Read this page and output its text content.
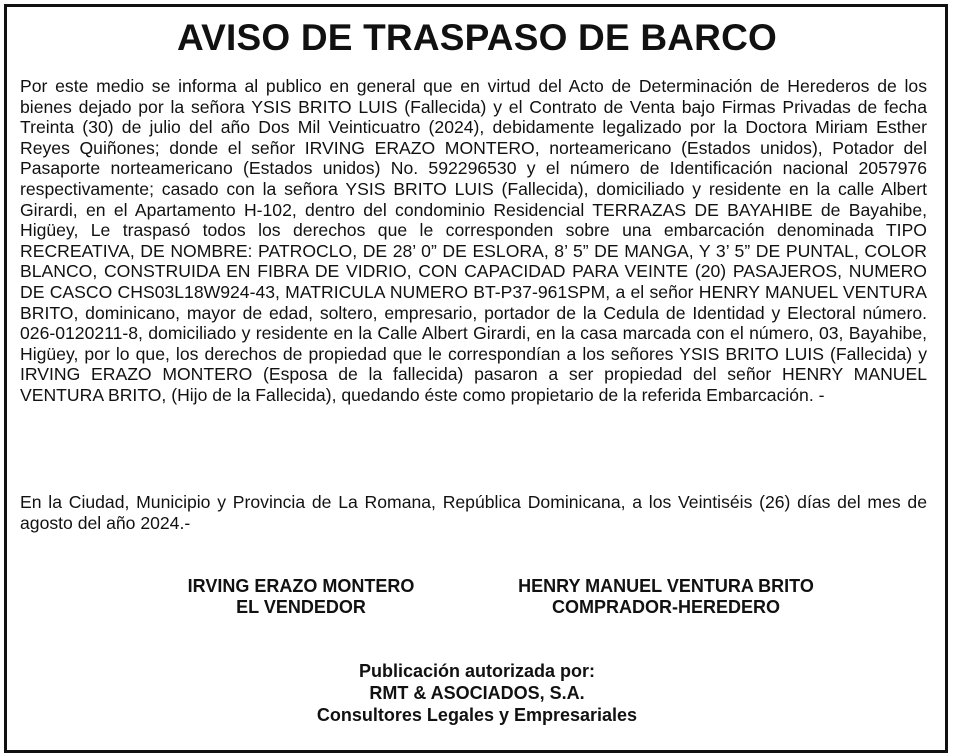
AVISO DE TRASPASO DE BARCO

Por este medio se informa al publico en general que en virtud del Acto de Determinación de Herederos de los bienes dejado por la señora YSIS BRITO LUIS (Fallecida) y el Contrato de Venta bajo Firmas Privadas de fecha Treinta (30) de julio del año Dos Mil Veinticuatro (2024), debidamente legalizado por la Doctora Miriam Esther Reyes Quiñones; donde el señor IRVING ERAZO MONTERO, norteamericano (Estados unidos), Potador del Pasaporte norteamericano (Estados unidos) No. 592296530 y el número de Identificación nacional 2057976 respectivamente; casado con la señora YSIS BRITO LUIS (Fallecida), domiciliado y residente en la calle Albert Girardi, en el Apartamento H-102, dentro del condominio Residencial TERRAZAS DE BAYAHIBE de Bayahibe, Higüey, Le traspasó todos los derechos que le corresponden sobre una embarcación denominada TIPO RECREATIVA, DE NOMBRE: PATROCLO, DE 28’ 0” DE ESLORA, 8’ 5” DE MANGA, Y 3’ 5” DE PUNTAL, COLOR BLANCO, CONSTRUIDA EN FIBRA DE VIDRIO, CON CAPACIDAD PARA VEINTE (20) PASAJEROS, NUMERO DE CASCO CHS03L18W924-43, MATRICULA NUMERO BT-P37-961SPM, a el señor HENRY MANUEL VENTURA BRITO, dominicano, mayor de edad, soltero, empresario, portador de la Cedula de Identidad y Electoral número. 026-0120211-8, domiciliado y residente en la Calle Albert Girardi, en la casa marcada con el número, 03, Bayahibe, Higüey, por lo que, los derechos de propiedad que le correspondían a los señores YSIS BRITO LUIS (Fallecida) y IRVING ERAZO MONTERO (Esposa de la fallecida) pasaron a ser propiedad del señor HENRY MANUEL VENTURA BRITO, (Hijo de la Fallecida), quedando éste como propietario de la referida Embarcación. -

En la Ciudad, Municipio y Provincia de La Romana, República Dominicana, a los Veintiséis (26) días del mes de agosto del año 2024.-

IRVING ERAZO MONTERO
EL VENDEDOR
HENRY MANUEL VENTURA BRITO
COMPRADOR-HEREDERO
Publicación autorizada por:
RMT & ASOCIADOS, S.A.
Consultores Legales y Empresariales
